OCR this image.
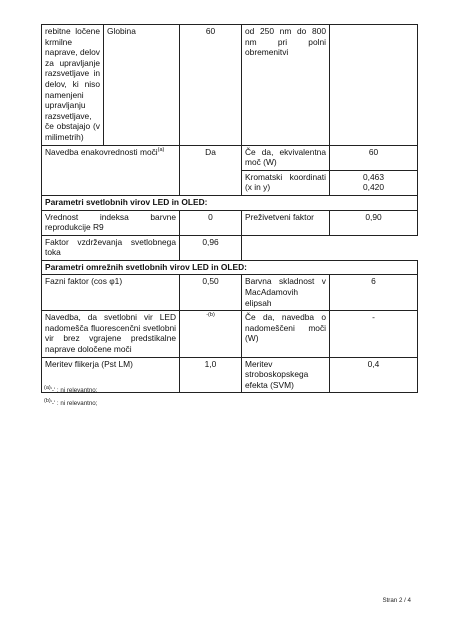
rebitne ločene krmilne naprave, delov za upravljanje razsvetljave in delov, ki niso namenjeni upravljanju razsvetljave, če obstajajo (v milimetrih)	Globina	60	od 250 nm do 800 nm pri polni obremenitvi	
Navedba enakovrednosti moči$^{(a)}$		Da	Če da, ekvivalentna moč (W)	60
			Kromatski koordinati (x in y)	0,463
0,420

Parametri svetlobnih virov LED in OLED:				
Vrednost indeksa barvne reprodukcije R9		0	Preživetveni faktor	0,90
Faktor vzdrževanja svetlobnega toka		0,96		
Parametri omrežnih svetlobnih virov LED in OLED:				
Fazni faktor (cos φ1)		0,50	Barvna skladnost v MacAdamovih elipsah	6
Navedba, da svetlobni vir LED nadomešča fluorescenčni svetlobni vir brez vgrajene predstikalne naprave določene moči		$^{-(b)}$	Če da, navedba o nadomeščeni moči (W)	-
Meritev flikerja (Pst LM)		1,0	Meritev stroboskopskega efekta (SVM)	0,4
(a)'-' : ni relevantno;
(b)'-' : ni relevantno;
Stran 2 / 4
